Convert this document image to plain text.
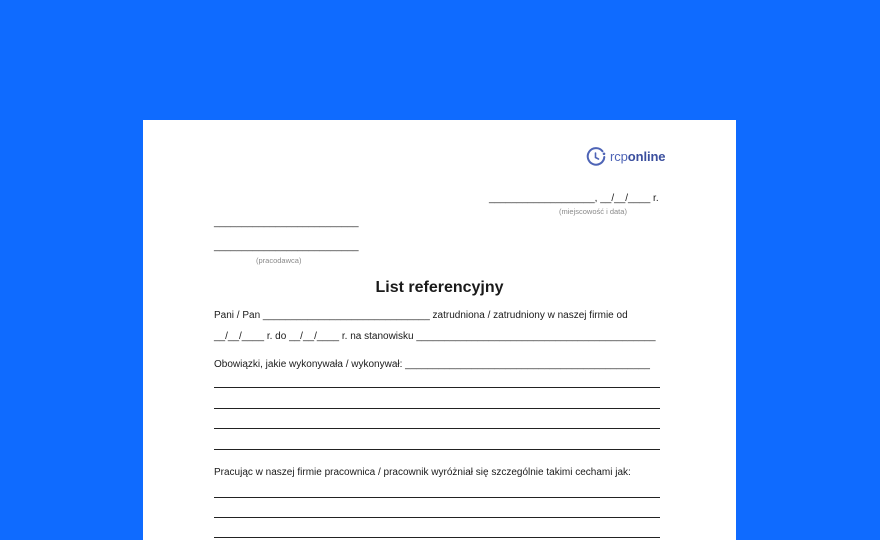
rcponline
___________________, __/__/____ r.
(miejscowość i data)
__________________________
__________________________
(pracodawca)
List referencyjny
Pani / Pan ______________________________ zatrudniona / zatrudniony w naszej firmie od
__/__/____ r. do __/__/____ r. na stanowisku ___________________________________________
Obowiązki, jakie wykonywała / wykonywał: ____________________________________________
Pracując w naszej firmie pracownica / pracownik wyróżniał się szczególnie takimi cechami jak:
